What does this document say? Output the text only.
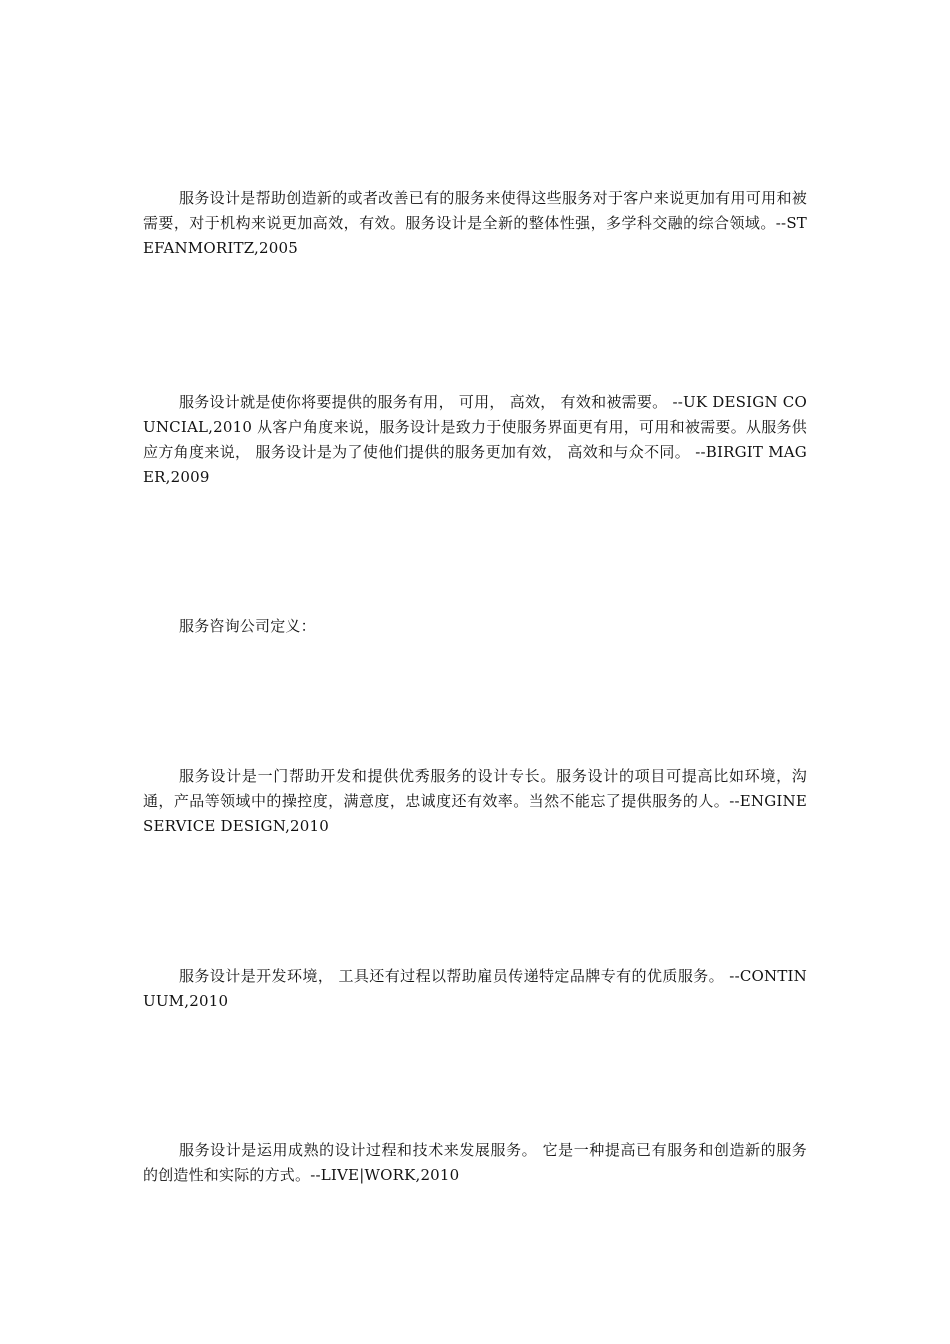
服务设计是帮助创造新的或者改善已有的服务来使得这些服务对于客户来说更加有用可用和被需要，对于机构来说更加高效，有效。服务设计是全新的整体性强，多学科交融的综合领域。--STEFANMORITZ,2005

服务设计就是使你将要提供的服务有用， 可用， 高效， 有效和被需要。 --UK DESIGN COUNCIAL,2010 从客户角度来说，服务设计是致力于使服务界面更有用，可用和被需要。从服务供应方角度来说， 服务设计是为了使他们提供的服务更加有效， 高效和与众不同。 --BIRGIT MAGER,2009

服务咨询公司定义：

服务设计是一门帮助开发和提供优秀服务的设计专长。服务设计的项目可提高比如环境，沟通，产品等领域中的操控度，满意度，忠诚度还有效率。当然不能忘了提供服务的人。--ENGINE SERVICE DESIGN,2010

服务设计是开发环境， 工具还有过程以帮助雇员传递特定品牌专有的优质服务。 --CONTINUUM,2010

服务设计是运用成熟的设计过程和技术来发展服务。 它是一种提高已有服务和创造新的服务的创造性和实际的方式。--LIVE|WORK,2010
